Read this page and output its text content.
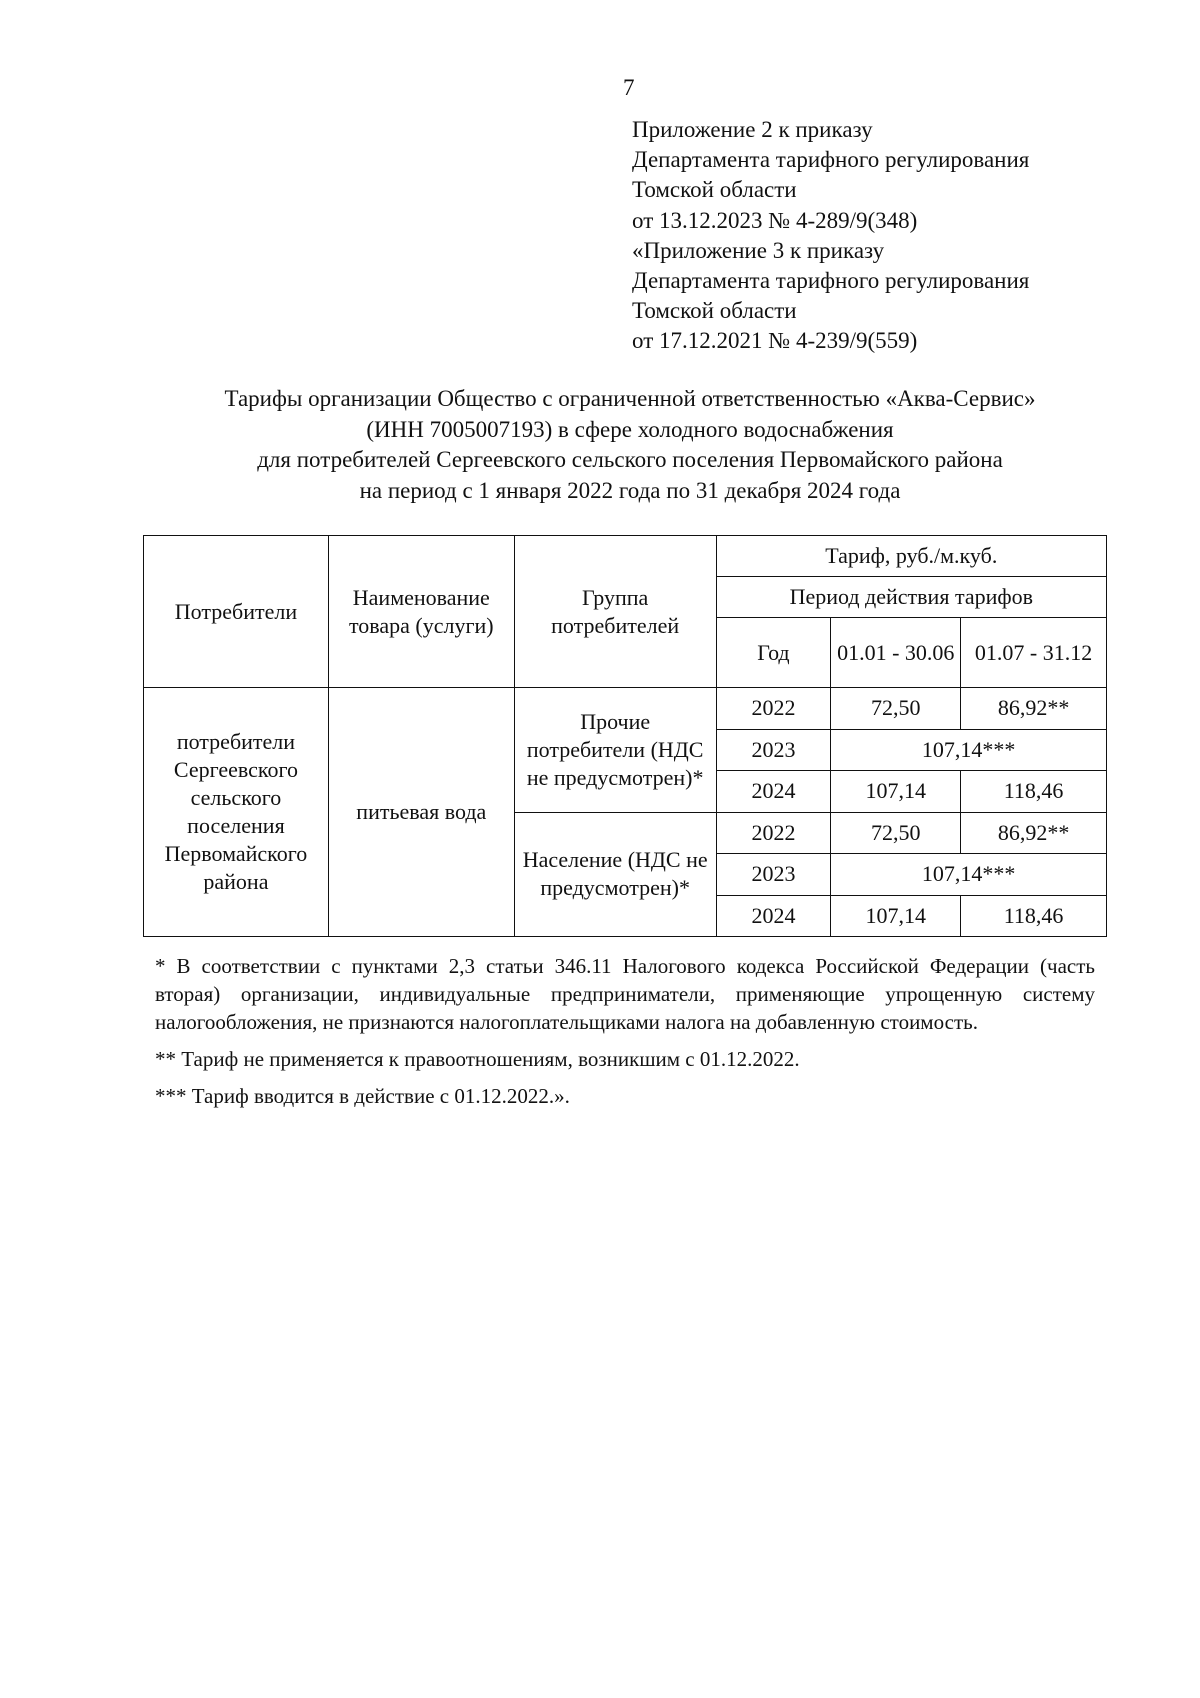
7
Приложение 2 к приказу
Департамента тарифного регулирования
Томской области
от 13.12.2023 № 4-289/9(348)
«Приложение 3 к приказу
Департамента тарифного регулирования
Томской области
от 17.12.2021 № 4-239/9(559)
Тарифы организации Общество с ограниченной ответственностью «Аква-Сервис»
(ИНН 7005007193) в сфере холодного водоснабжения
для потребителей Сергеевского сельского поселения Первомайского района
на период с 1 января 2022 года по 31 декабря 2024 года
Потребители	Наименование товара (услуги)	Группа потребителей	Тариф, руб./м.куб.		
			Период действия тарифов		
			Год	01.01 - 30.06	01.07 - 31.12
потребители Сергеевского сельского поселения Первомайского района	питьевая вода	Прочие потребители (НДС не предусмотрен)*	2022	72,50	86,92**
			2023	107,14***	
			2024	107,14	118,46
		Население (НДС не предусмотрен)*	2022	72,50	86,92**
			2023	107,14***	
			2024	107,14	118,46
* В соответствии с пунктами 2,3 статьи 346.11 Налогового кодекса Российской Федерации (часть вторая) организации, индивидуальные предприниматели, применяющие упрощенную систему налогообложения, не признаются налогоплательщиками налога на добавленную стоимость.
** Тариф не применяется к правоотношениям, возникшим с 01.12.2022.
*** Тариф вводится в действие с 01.12.2022.».
